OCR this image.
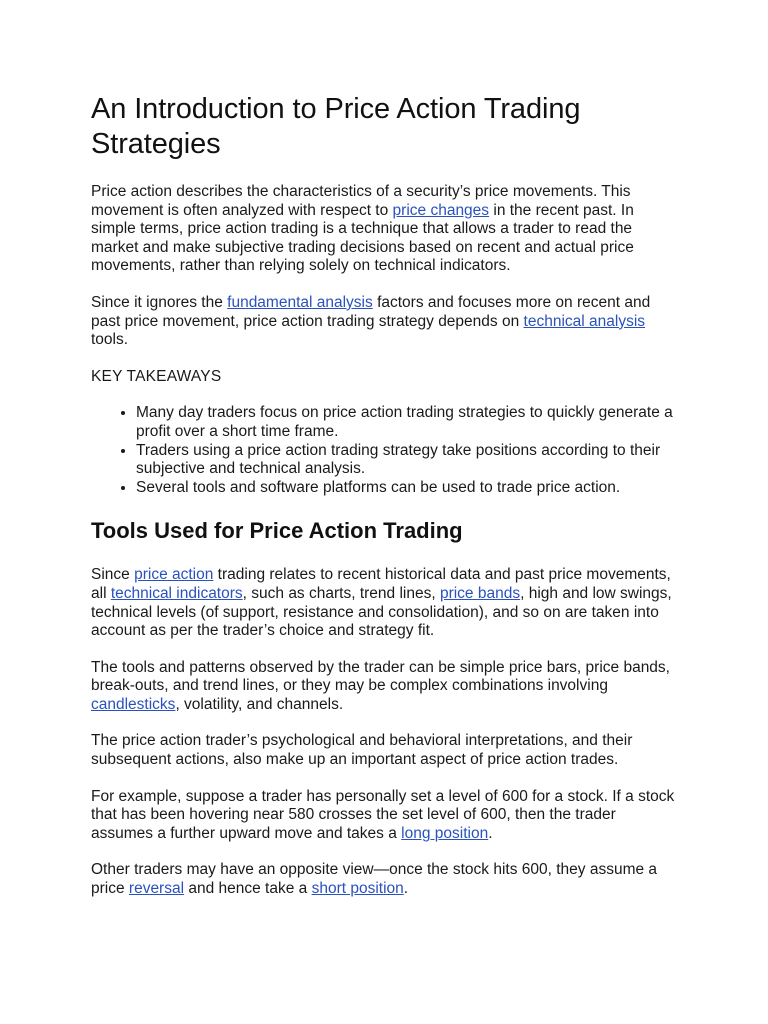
An Introduction to Price Action Trading Strategies

Price action describes the characteristics of a security’s price movements. This movement is often analyzed with respect to price changes in the recent past. In simple terms, price action trading is a technique that allows a trader to read the market and make subjective trading decisions based on recent and actual price movements, rather than relying solely on technical indicators.

Since it ignores the fundamental analysis factors and focuses more on recent and past price movement, price action trading strategy depends on technical analysis tools.

KEY TAKEAWAYS
• Many day traders focus on price action trading strategies to quickly generate a profit over a short time frame.
• Traders using a price action trading strategy take positions according to their subjective and technical analysis.
• Several tools and software platforms can be used to trade price action.
Tools Used for Price Action Trading

Since price action trading relates to recent historical data and past price movements, all technical indicators, such as charts, trend lines, price bands, high and low swings, technical levels (of support, resistance and consolidation), and so on are taken into account as per the trader’s choice and strategy fit.

The tools and patterns observed by the trader can be simple price bars, price bands, break-outs, and trend lines, or they may be complex combinations involving candlesticks, volatility, and channels.

The price action trader’s psychological and behavioral interpretations, and their subsequent actions, also make up an important aspect of price action trades.

For example, suppose a trader has personally set a level of 600 for a stock. If a stock that has been hovering near 580 crosses the set level of 600, then the trader assumes a further upward move and takes a long position.

Other traders may have an opposite view—once the stock hits 600, they assume a price reversal and hence take a short position.
